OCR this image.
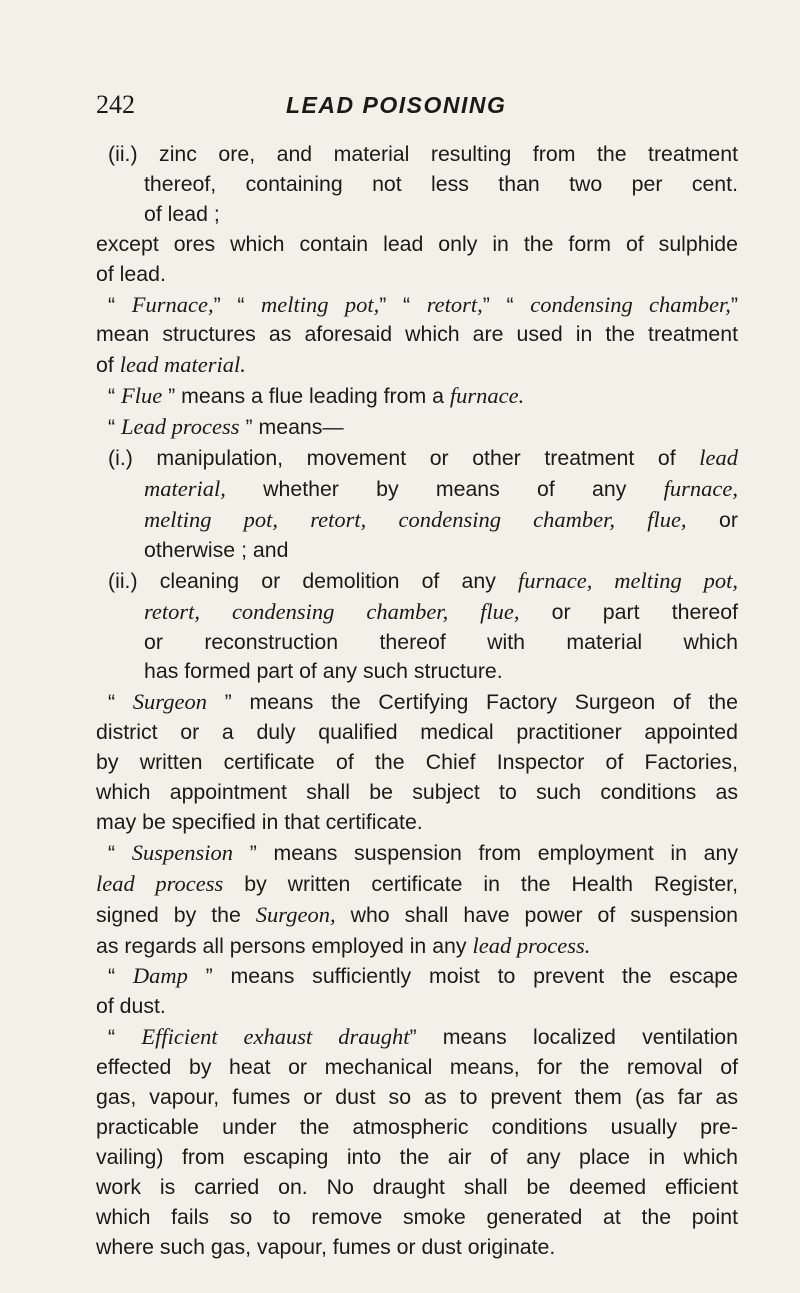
242	LEAD POISONING
(ii.) zinc ore, and material resulting from the treatment
thereof, containing not less than two per cent.
of lead ;
except ores which contain lead only in the form of sulphide
of lead.
“ Furnace,” “ melting pot,” “ retort,” “ condensing chamber,”
mean structures as aforesaid which are used in the treatment
of lead material.
“ Flue ” means a flue leading from a furnace.
“ Lead process ” means—
(i.) manipulation, movement or other treatment of lead
material, whether by means of any furnace,
melting pot, retort, condensing chamber, flue, or
otherwise ; and
(ii.) cleaning or demolition of any furnace, melting pot,
retort, condensing chamber, flue, or part thereof
or reconstruction thereof with material which
has formed part of any such structure.
“ Surgeon ” means the Certifying Factory Surgeon of the
district or a duly qualified medical practitioner appointed
by written certificate of the Chief Inspector of Factories,
which appointment shall be subject to such conditions as
may be specified in that certificate.
“ Suspension ” means suspension from employment in any
lead process by written certificate in the Health Register,
signed by the Surgeon, who shall have power of suspension
as regards all persons employed in any lead process.
“ Damp ” means sufficiently moist to prevent the escape
of dust.
“ Efficient exhaust draught” means localized ventilation
effected by heat or mechanical means, for the removal of
gas, vapour, fumes or dust so as to prevent them (as far as
practicable under the atmospheric conditions usually pre-
vailing) from escaping into the air of any place in which
work is carried on. No draught shall be deemed efficient
which fails so to remove smoke generated at the point
where such gas, vapour, fumes or dust originate.
